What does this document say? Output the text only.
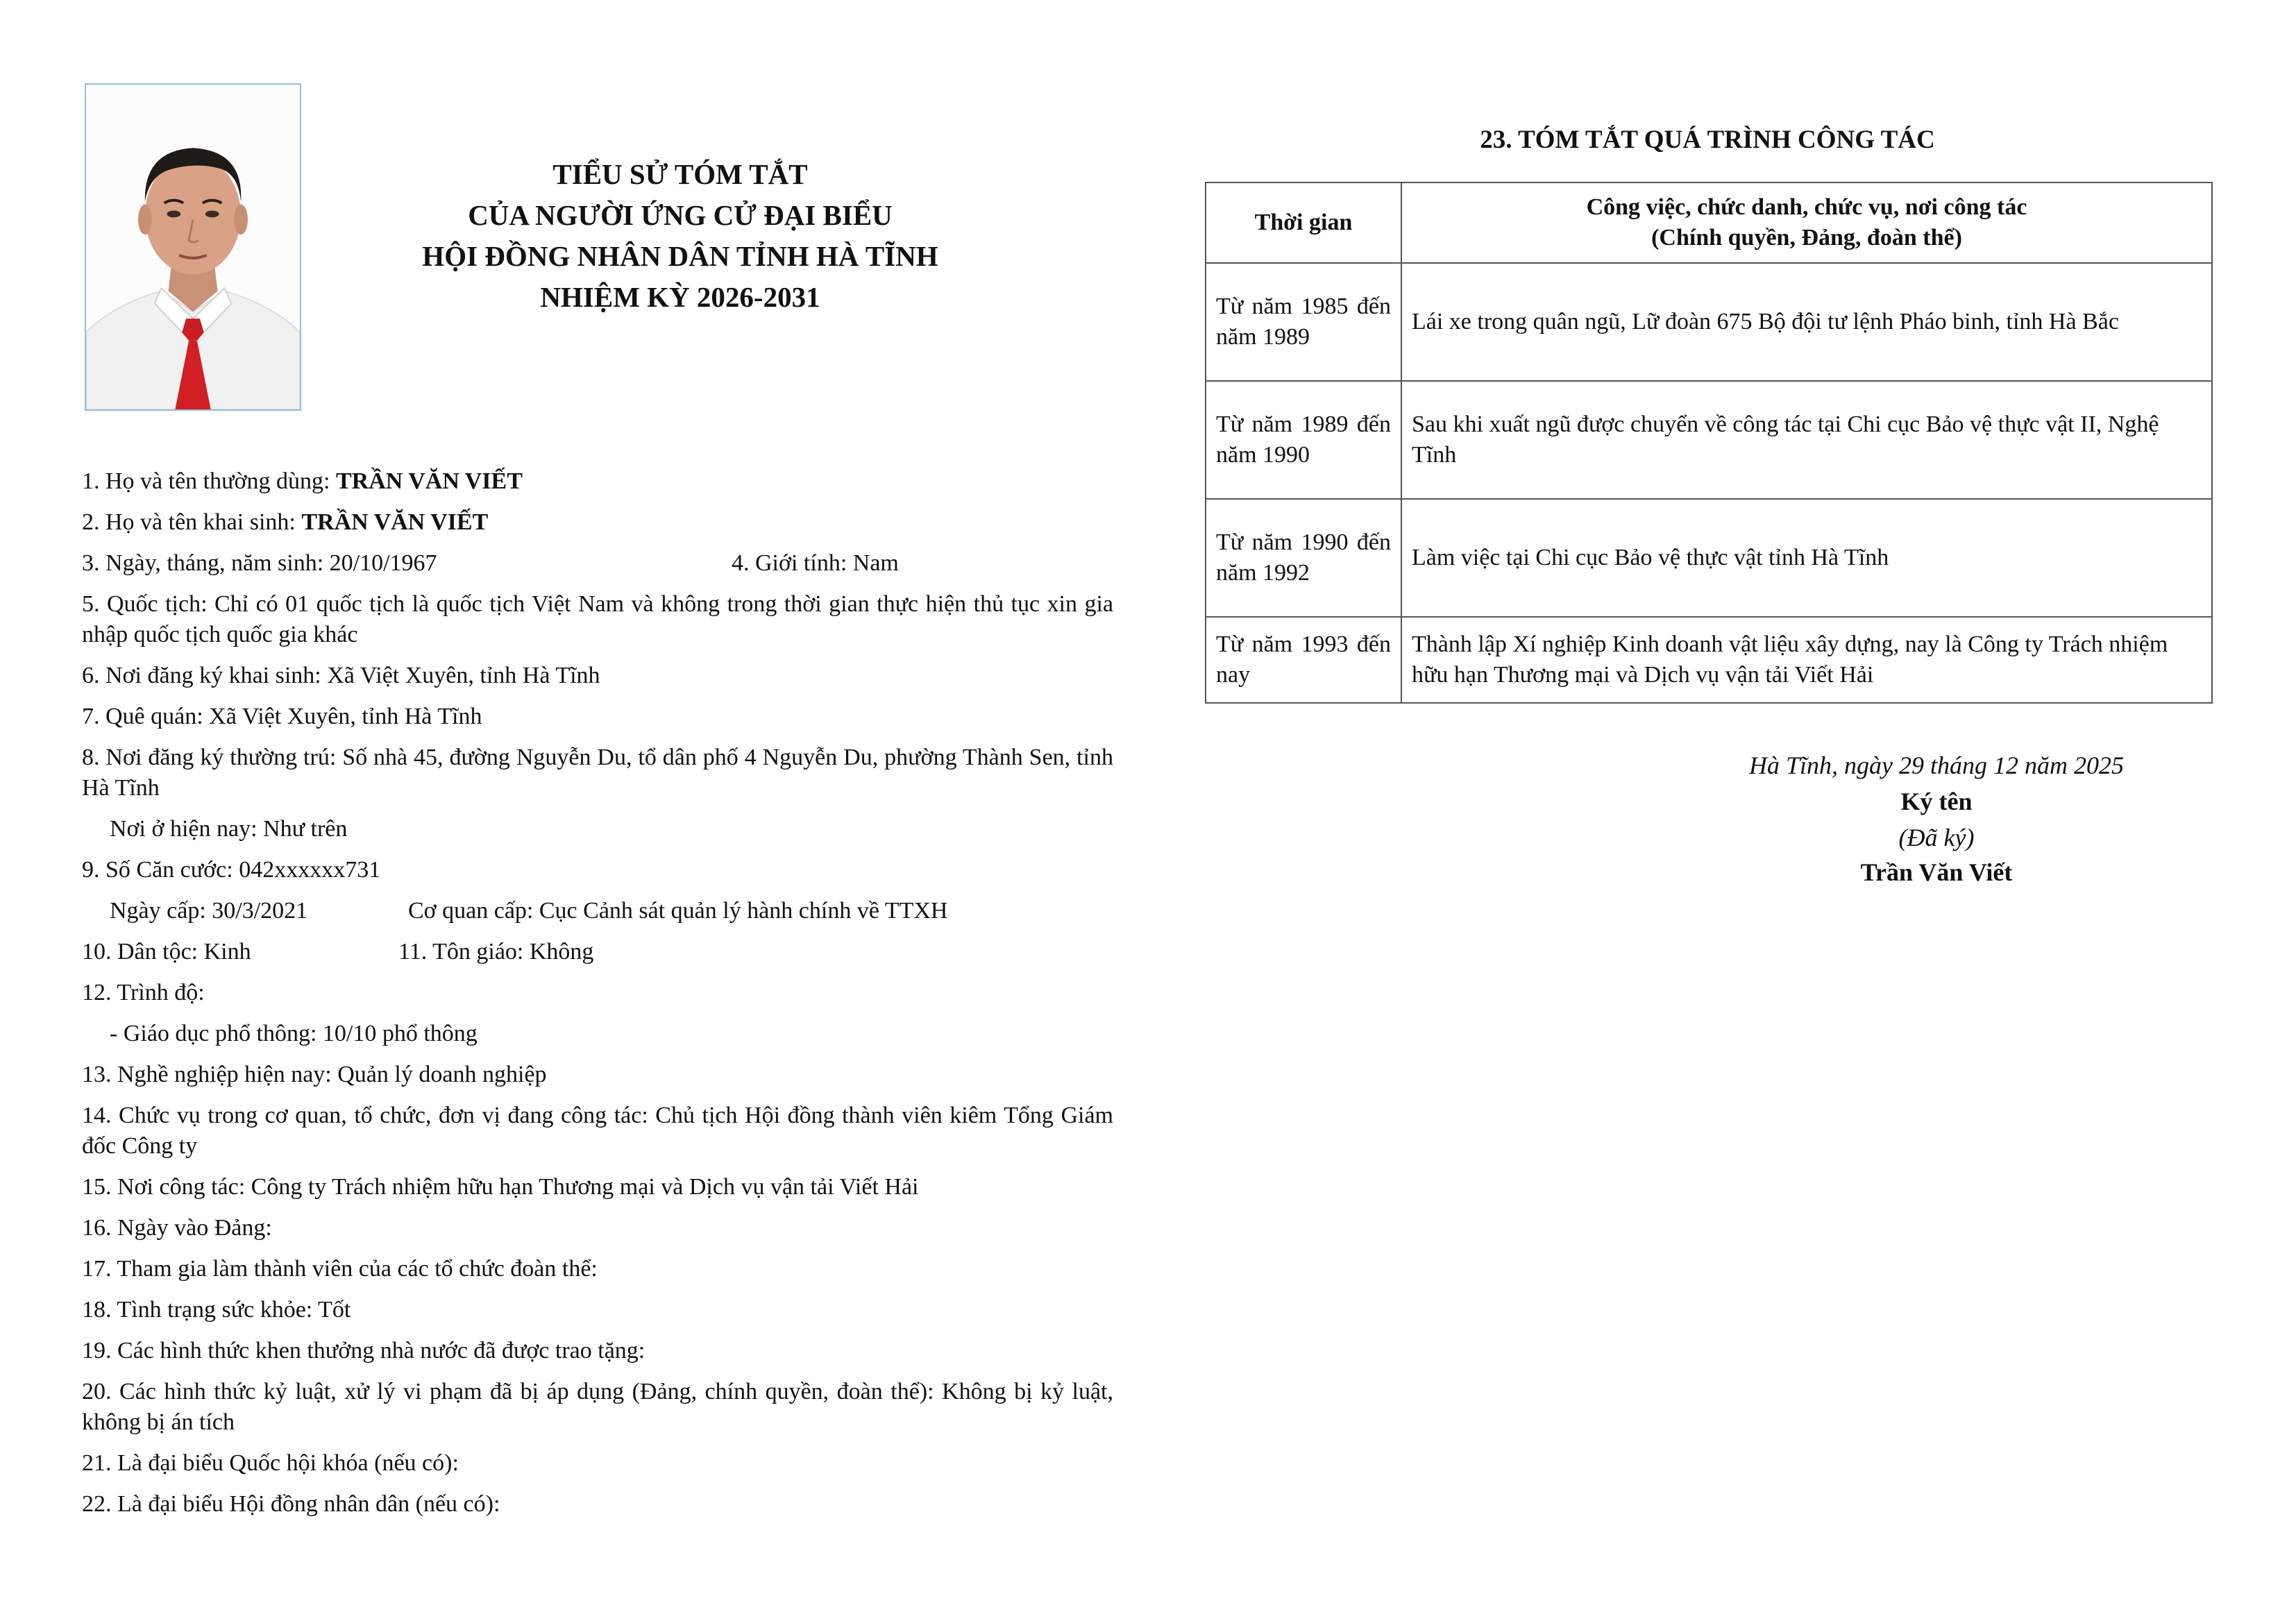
TIỂU SỬ TÓM TẮT
CỦA NGƯỜI ỨNG CỬ ĐẠI BIỂU
HỘI ĐỒNG NHÂN DÂN TỈNH HÀ TĨNH
NHIỆM KỲ 2026-2031
1. Họ và tên thường dùng: TRẦN VĂN VIẾT
2. Họ và tên khai sinh: TRẦN VĂN VIẾT
3. Ngày, tháng, năm sinh: 20/10/1967	4. Giới tính: Nam
5. Quốc tịch: Chỉ có 01 quốc tịch là quốc tịch Việt Nam và không trong thời gian thực hiện thủ tục xin gia nhập quốc tịch quốc gia khác
6. Nơi đăng ký khai sinh: Xã Việt Xuyên, tỉnh Hà Tĩnh
7. Quê quán: Xã Việt Xuyên, tỉnh Hà Tĩnh
8. Nơi đăng ký thường trú: Số nhà 45, đường Nguyễn Du, tổ dân phố 4 Nguyễn Du, phường Thành Sen, tỉnh Hà Tĩnh
Nơi ở hiện nay: Như trên
9. Số Căn cước: 042xxxxxx731
Ngày cấp: 30/3/2021	Cơ quan cấp: Cục Cảnh sát quản lý hành chính về TTXH
10. Dân tộc: Kinh	11. Tôn giáo: Không
12. Trình độ:
- Giáo dục phổ thông: 10/10 phổ thông
13. Nghề nghiệp hiện nay: Quản lý doanh nghiệp
14. Chức vụ trong cơ quan, tổ chức, đơn vị đang công tác: Chủ tịch Hội đồng thành viên kiêm Tổng Giám đốc Công ty
15. Nơi công tác: Công ty Trách nhiệm hữu hạn Thương mại và Dịch vụ vận tải Viết Hải
16. Ngày vào Đảng:
17. Tham gia làm thành viên của các tổ chức đoàn thể:
18. Tình trạng sức khỏe: Tốt
19. Các hình thức khen thưởng nhà nước đã được trao tặng:
20. Các hình thức kỷ luật, xử lý vi phạm đã bị áp dụng (Đảng, chính quyền, đoàn thể): Không bị kỷ luật, không bị án tích
21. Là đại biểu Quốc hội khóa (nếu có):
22. Là đại biểu Hội đồng nhân dân (nếu có):
23. TÓM TẮT QUÁ TRÌNH CÔNG TÁC
Thời gian	Công việc, chức danh, chức vụ, nơi công tác
(Chính quyền, Đảng, đoàn thể)

Từ năm 1985 đến năm 1989	Lái xe trong quân ngũ, Lữ đoàn 675 Bộ đội tư lệnh Pháo binh, tỉnh Hà Bắc
Từ năm 1989 đến năm 1990	Sau khi xuất ngũ được chuyển về công tác tại Chi cục Bảo vệ thực vật II, Nghệ Tĩnh
Từ năm 1990 đến năm 1992	Làm việc tại Chi cục Bảo vệ thực vật tỉnh Hà Tĩnh
Từ năm 1993 đến nay	Thành lập Xí nghiệp Kinh doanh vật liệu xây dựng, nay là Công ty Trách nhiệm hữu hạn Thương mại và Dịch vụ vận tải Viết Hải
Hà Tĩnh, ngày 29 tháng 12 năm 2025
Ký tên
(Đã ký)
Trần Văn Viết
